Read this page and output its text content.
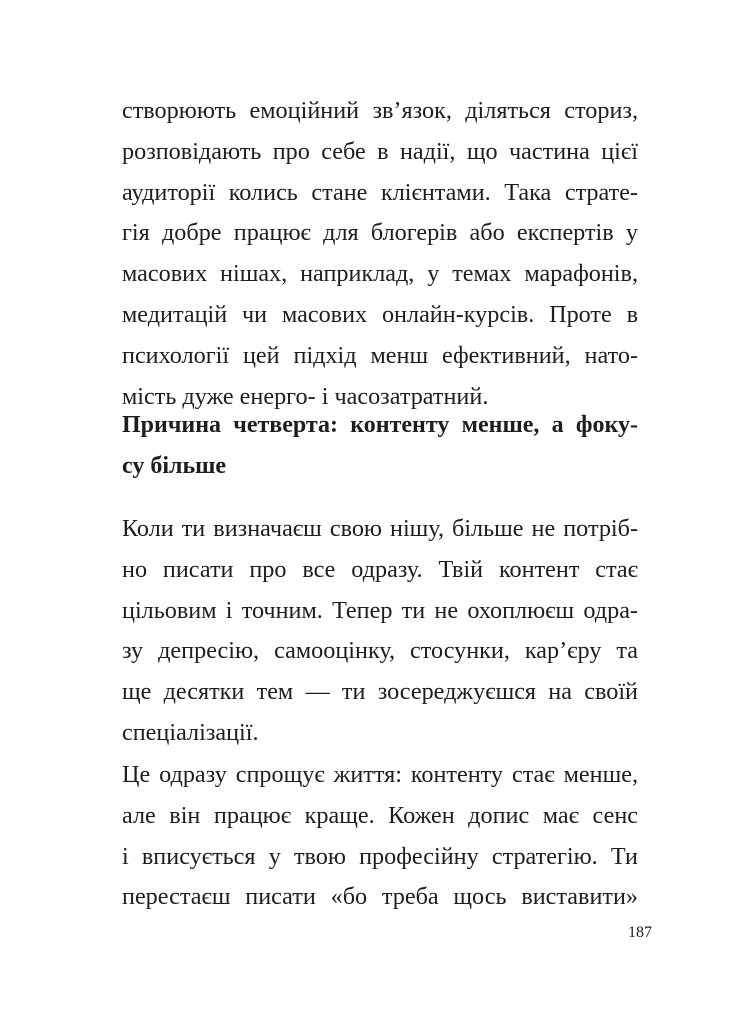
створюють емоційний зв’язок, діляться сториз,
розповідають про себе в надії, що частина цієї
аудиторії колись стане клієнтами. Така страте-
гія добре працює для блогерів або експертів у
масових нішах, наприклад, у темах марафонів,
медитацій чи масових онлайн-курсів. Проте в
психології цей підхід менш ефективний, нато-
мість дуже енерго- і часозатратний.
Причина четверта: контенту менше, а фоку-
су більше
Коли ти визначаєш свою нішу, більше не потріб-
но писати про все одразу. Твій контент стає
цільовим і точним. Тепер ти не охоплюєш одра-
зу депресію, самооцінку, стосунки, кар’єру та
ще десятки тем — ти зосереджуєшся на своїй
спеціалізації.
Це одразу спрощує життя: контенту стає менше,
але він працює краще. Кожен допис має сенс
і вписується у твою професійну стратегію. Ти
перестаєш писати «бо треба щось виставити»
187
